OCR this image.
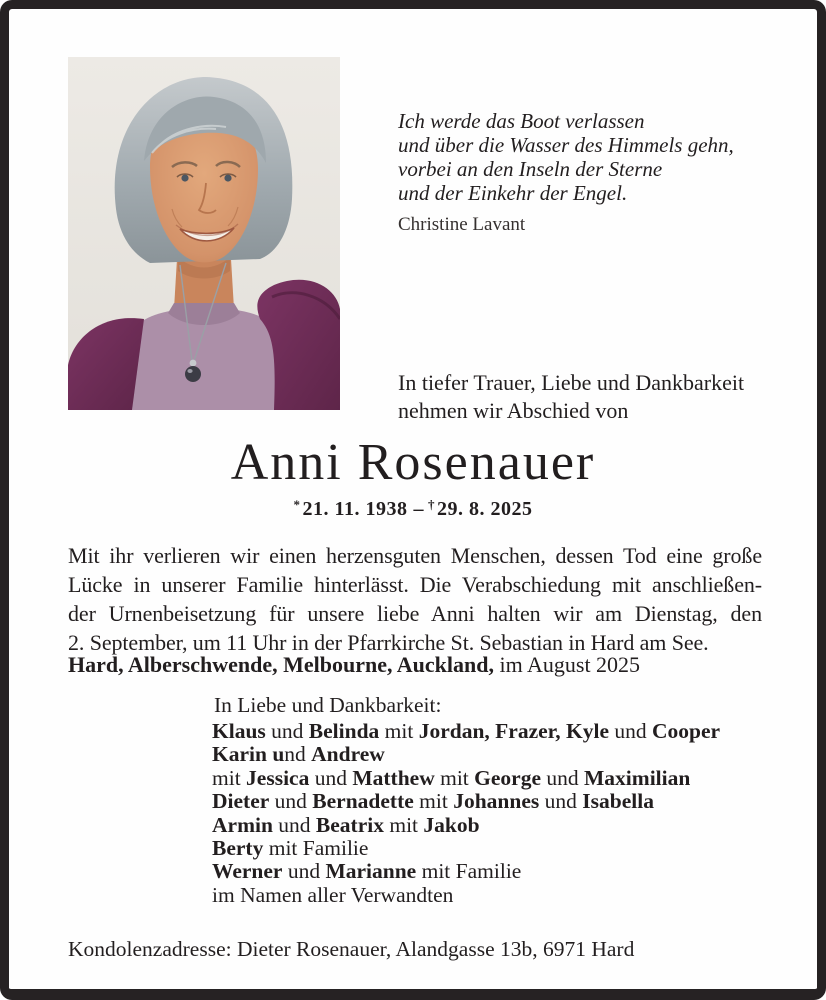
Ich werde das Boot verlassen
und über die Wasser des Himmels gehn,
vorbei an den Inseln der Sterne
und der Einkehr der Engel.
Christine Lavant
In tiefer Trauer, Liebe und Dankbarkeit
nehmen wir Abschied von
Anni Rosenauer
* 21. 11. 1938 – † 29. 8. 2025
Mit ihr verlieren wir einen herzensguten Menschen, dessen Tod eine große
Lücke in unserer Familie hinterlässt. Die Verabschiedung mit anschließen-
der Urnenbeisetzung für unsere liebe Anni halten wir am Dienstag, den
2. September, um 11 Uhr in der Pfarrkirche St. Sebastian in Hard am See.
Hard, Alberschwende, Melbourne, Auckland, im August 2025
In Liebe und Dankbarkeit:
Klaus und Belinda mit Jordan, Frazer, Kyle und Cooper
Karin und Andrew
mit Jessica und Matthew mit George und Maximilian
Dieter und Bernadette mit Johannes und Isabella
Armin und Beatrix mit Jakob
Berty mit Familie
Werner und Marianne mit Familie
im Namen aller Verwandten
Kondolenzadresse: Dieter Rosenauer, Alandgasse 13b, 6971 Hard
